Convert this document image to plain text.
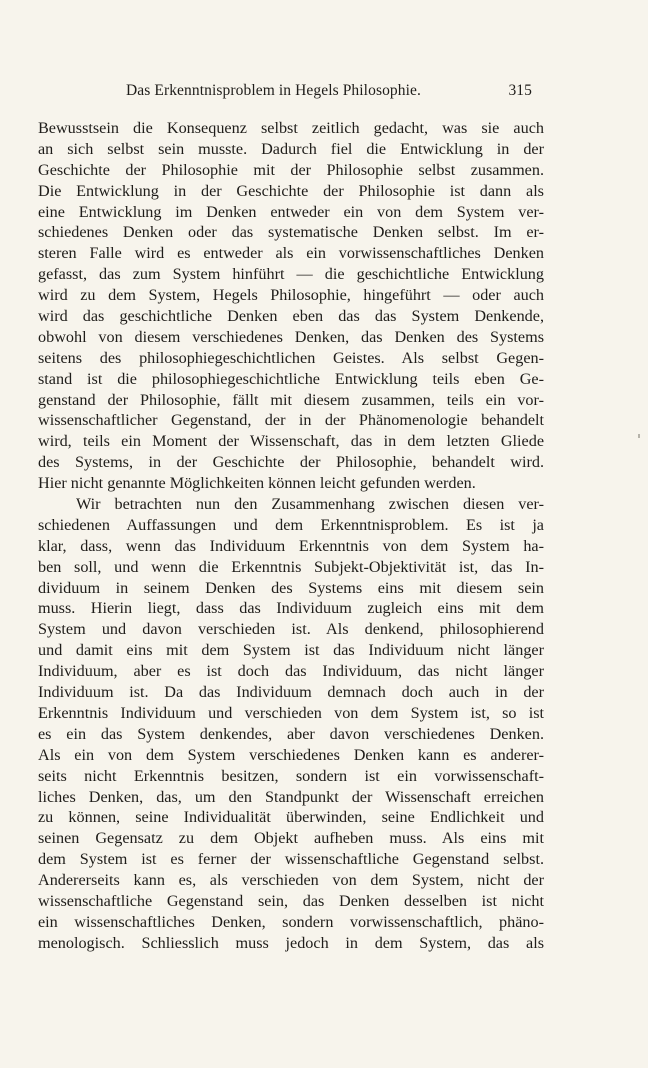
Das Erkenntnisproblem in Hegels Philosophie.	315
Bewusstsein die Konsequenz selbst zeitlich gedacht, was sie auch
an sich selbst sein musste. Dadurch fiel die Entwicklung in der
Geschichte der Philosophie mit der Philosophie selbst zusammen.
Die Entwicklung in der Geschichte der Philosophie ist dann als
eine Entwicklung im Denken entweder ein von dem System ver-
schiedenes Denken oder das systematische Denken selbst. Im er-
steren Falle wird es entweder als ein vorwissenschaftliches Denken
gefasst, das zum System hinführt — die geschichtliche Entwicklung
wird zu dem System, Hegels Philosophie, hingeführt — oder auch
wird das geschichtliche Denken eben das das System Denkende,
obwohl von diesem verschiedenes Denken, das Denken des Systems
seitens des philosophiegeschichtlichen Geistes. Als selbst Gegen-
stand ist die philosophiegeschichtliche Entwicklung teils eben Ge-
genstand der Philosophie, fällt mit diesem zusammen, teils ein vor-
wissenschaftlicher Gegenstand, der in der Phänomenologie behandelt
wird, teils ein Moment der Wissenschaft, das in dem letzten Gliede
des Systems, in der Geschichte der Philosophie, behandelt wird.
Hier nicht genannte Möglichkeiten können leicht gefunden werden.
Wir betrachten nun den Zusammenhang zwischen diesen ver-
schiedenen Auffassungen und dem Erkenntnisproblem. Es ist ja
klar, dass, wenn das Individuum Erkenntnis von dem System ha-
ben soll, und wenn die Erkenntnis Subjekt-Objektivität ist, das In-
dividuum in seinem Denken des Systems eins mit diesem sein
muss. Hierin liegt, dass das Individuum zugleich eins mit dem
System und davon verschieden ist. Als denkend, philosophierend
und damit eins mit dem System ist das Individuum nicht länger
Individuum, aber es ist doch das Individuum, das nicht länger
Individuum ist. Da das Individuum demnach doch auch in der
Erkenntnis Individuum und verschieden von dem System ist, so ist
es ein das System denkendes, aber davon verschiedenes Denken.
Als ein von dem System verschiedenes Denken kann es anderer-
seits nicht Erkenntnis besitzen, sondern ist ein vorwissenschaft-
liches Denken, das, um den Standpunkt der Wissenschaft erreichen
zu können, seine Individualität überwinden, seine Endlichkeit und
seinen Gegensatz zu dem Objekt aufheben muss. Als eins mit
dem System ist es ferner der wissenschaftliche Gegenstand selbst.
Andererseits kann es, als verschieden von dem System, nicht der
wissenschaftliche Gegenstand sein, das Denken desselben ist nicht
ein wissenschaftliches Denken, sondern vorwissenschaftlich, phäno-
menologisch. Schliesslich muss jedoch in dem System, das als
